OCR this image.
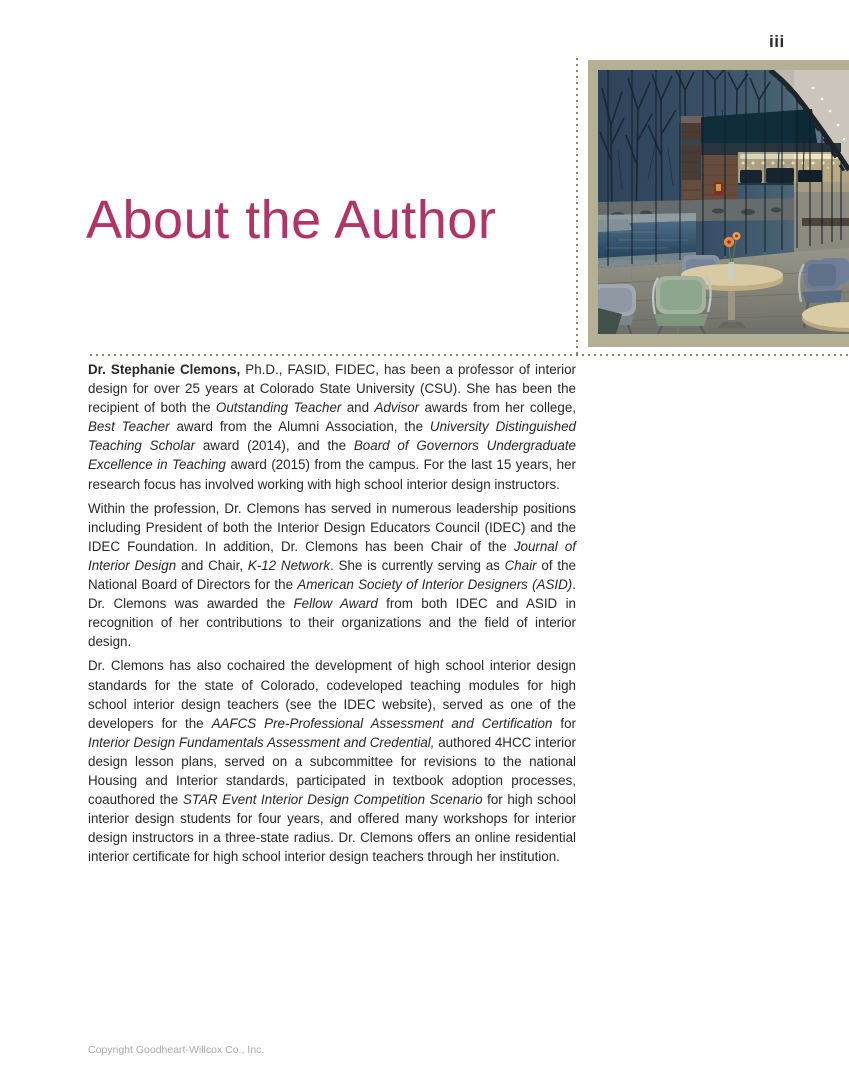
iii
About the Author

Dr. Stephanie Clemons, Ph.D., FASID, FIDEC, has been a professor of interior design for over 25 years at Colorado State University (CSU). She has been the recipient of both the Outstanding Teacher and Advisor awards from her college, Best Teacher award from the Alumni Association, the University Distinguished Teaching Scholar award (2014), and the Board of Governors Undergraduate Excellence in Teaching award (2015) from the campus. For the last 15 years, her research focus has involved working with high school interior design instructors.

Within the profession, Dr. Clemons has served in numerous leadership positions including President of both the Interior Design Educators Council (IDEC) and the IDEC Foundation. In addition, Dr. Clemons has been Chair of the Journal of Interior Design and Chair, K-12 Network. She is currently serving as Chair of the National Board of Directors for the American Society of Interior Designers (ASID). Dr. Clemons was awarded the Fellow Award from both IDEC and ASID in recognition of her contributions to their organizations and the field of interior design.

Dr. Clemons has also cochaired the development of high school interior design standards for the state of Colorado, codeveloped teaching modules for high school interior design teachers (see the IDEC website), served as one of the developers for the AAFCS Pre-Professional Assessment and Certification for Interior Design Fundamentals Assessment and Credential, authored 4HCC interior design lesson plans, served on a subcommittee for revisions to the national Housing and Interior standards, participated in textbook adoption processes, coauthored the STAR Event Interior Design Competition Scenario for high school interior design students for four years, and offered many workshops for interior design instructors in a three-state radius. Dr. Clemons offers an online residential interior certificate for high school interior design teachers through her institution.

Copyright Goodheart-Willcox Co., Inc.
